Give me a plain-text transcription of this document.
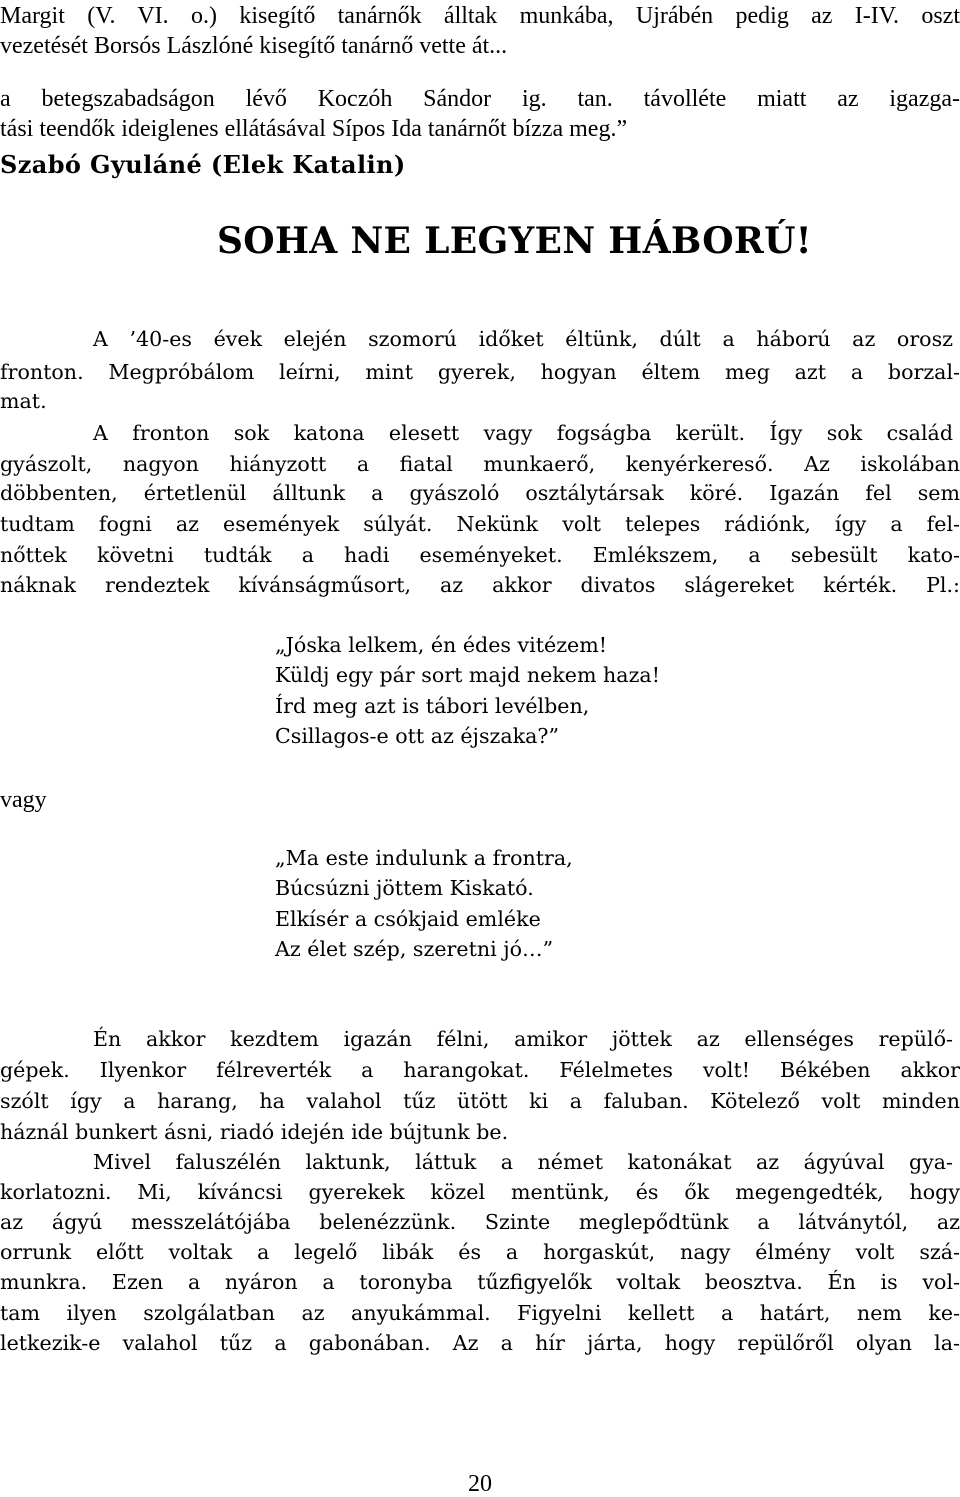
Margit (V. VI. o.) kisegítő tanárnők álltak munkába, Ujrábén pedig az I-IV. oszt
vezetését Borsós Lászlóné kisegítő tanárnő vette át...
a betegszabadságon lévő Koczóh Sándor ig. tan. távolléte miatt az igazga-
tási teendők ideiglenes ellátásával Sípos Ida tanárnőt bízza meg.”
Szabó Gyuláné (Elek Katalin)
SOHA NE LEGYEN HÁBORÚ!
A ’40-es évek elején szomorú időket éltünk, dúlt a háború az orosz
fronton. Megpróbálom leírni, mint gyerek, hogyan éltem meg azt a borzal-
mat.
A fronton sok katona elesett vagy fogságba került. Így sok család
gyászolt, nagyon hiányzott a fiatal munkaerő, kenyérkereső. Az iskolában
döbbenten, értetlenül álltunk a gyászoló osztálytársak köré. Igazán fel sem
tudtam fogni az események súlyát. Nekünk volt telepes rádiónk, így a fel-
nőttek követni tudták a hadi eseményeket. Emlékszem, a sebesült kato-
náknak rendeztek kívánságműsort, az akkor divatos slágereket kérték. Pl.:
„Jóska lelkem, én édes vitézem!
Küldj egy pár sort majd nekem haza!
Írd meg azt is tábori levélben,
Csillagos-e ott az éjszaka?”
vagy
„Ma este indulunk a frontra,
Búcsúzni jöttem Kiskató.
Elkísér a csókjaid emléke
Az élet szép, szeretni jó…”
Én akkor kezdtem igazán félni, amikor jöttek az ellenséges repülő-
gépek. Ilyenkor félreverték a harangokat. Félelmetes volt! Békében akkor
szólt így a harang, ha valahol tűz ütött ki a faluban. Kötelező volt minden
háznál bunkert ásni, riadó idején ide bújtunk be.
Mivel faluszélén laktunk, láttuk a német katonákat az ágyúval gya-
korlatozni. Mi, kíváncsi gyerekek közel mentünk, és ők megengedték, hogy
az ágyú messzelátójába belenézzünk. Szinte meglepődtünk a látványtól, az
orrunk előtt voltak a legelő libák és a horgaskút, nagy élmény volt szá-
munkra. Ezen a nyáron a toronyba tűzfigyelők voltak beosztva. Én is vol-
tam ilyen szolgálatban az anyukámmal. Figyelni kellett a határt, nem ke-
letkezik-e valahol tűz a gabonában. Az a hír járta, hogy repülőről olyan la-
20
